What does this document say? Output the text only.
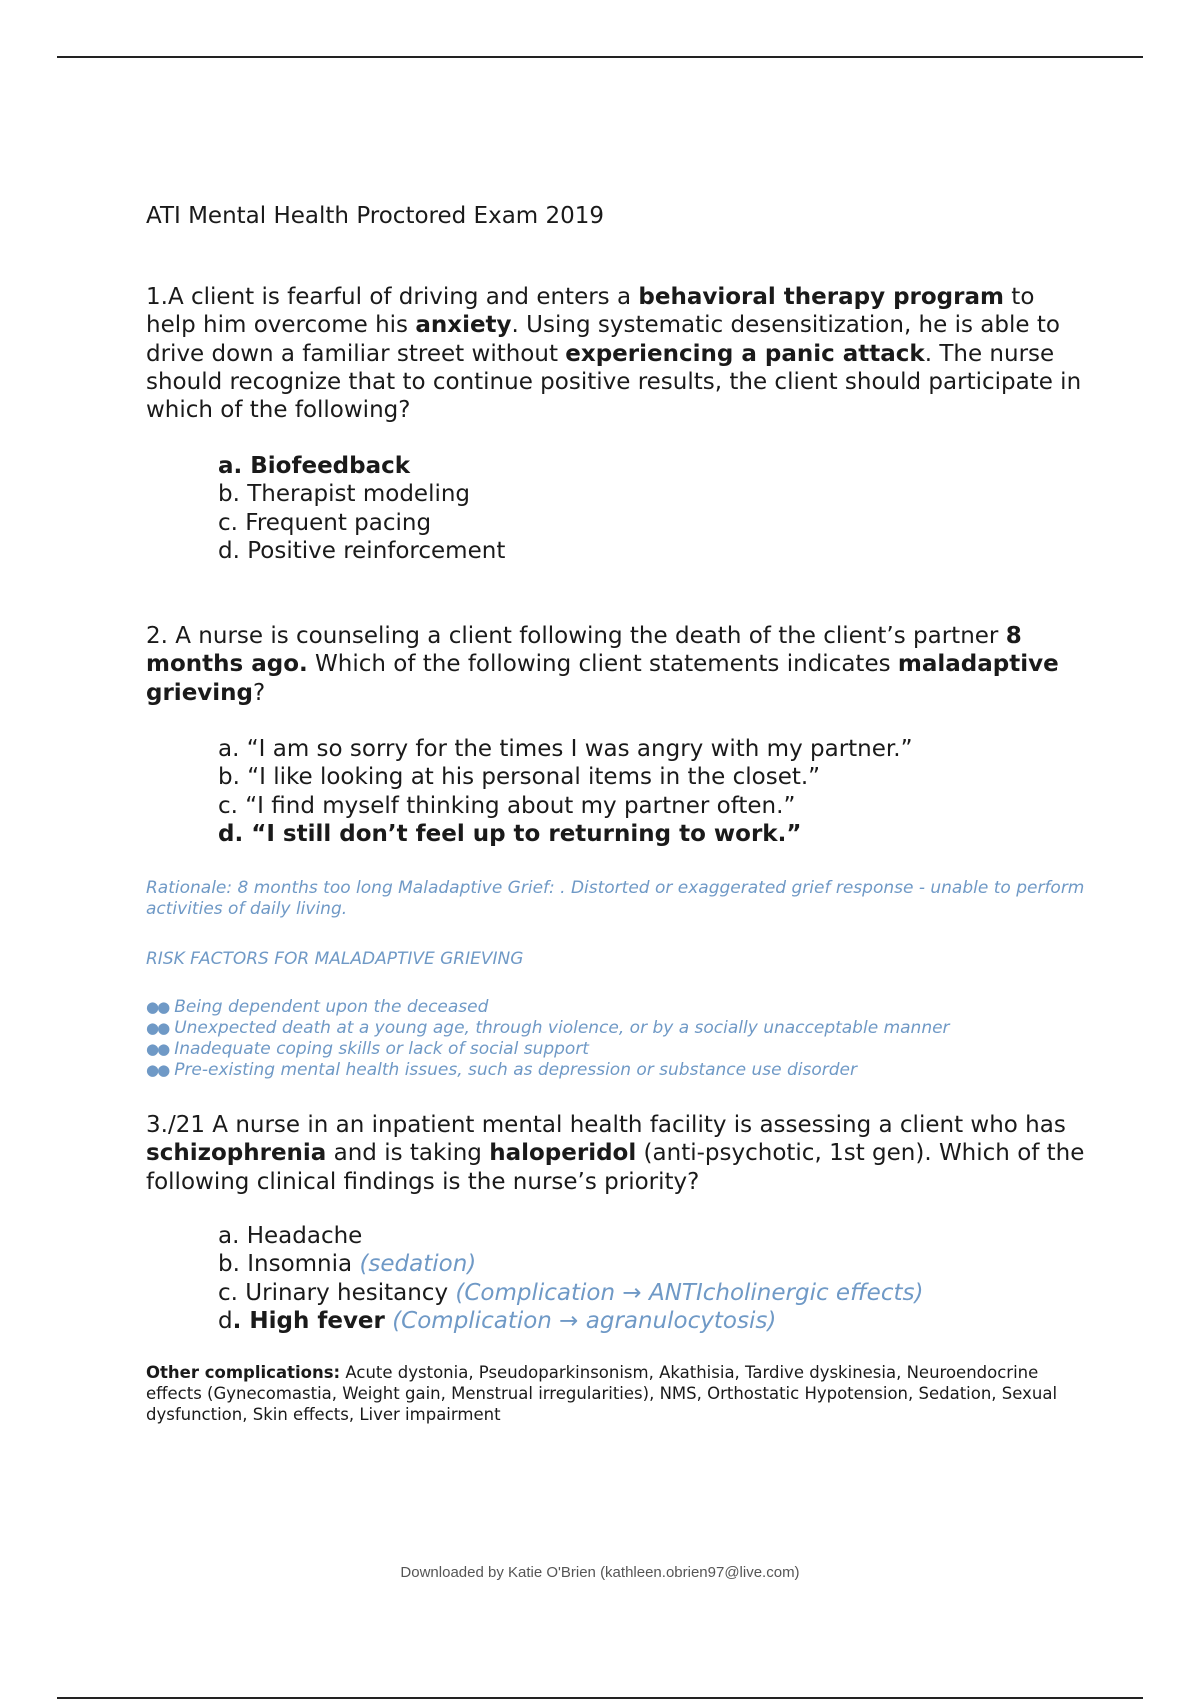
ATI Mental Health Proctored Exam 2019
1.A client is fearful of driving and enters a behavioral therapy program to help him overcome his anxiety. Using systematic desensitization, he is able to drive down a familiar street without experiencing a panic attack. The nurse should recognize that to continue positive results, the client should participate in which of the following?
a. Biofeedback
b. Therapist modeling
c. Frequent pacing
d. Positive reinforcement
2. A nurse is counseling a client following the death of the client’s partner 8 months ago. Which of the following client statements indicates maladaptive grieving?
a. “I am so sorry for the times I was angry with my partner.”
b. “I like looking at his personal items in the closet.”
c. “I find myself thinking about my partner often.”
d. “I still don’t feel up to returning to work.”
Rationale: 8 months too long Maladaptive Grief: . Distorted or exaggerated grief response - unable to perform activities of daily living.
RISK FACTORS FOR MALADAPTIVE GRIEVING
●● Being dependent upon the deceased
●● Unexpected death at a young age, through violence, or by a socially unacceptable manner
●● Inadequate coping skills or lack of social support
●● Pre-existing mental health issues, such as depression or substance use disorder
3./21 A nurse in an inpatient mental health facility is assessing a client who has schizophrenia and is taking haloperidol (anti-psychotic, 1st gen). Which of the following clinical findings is the nurse’s priority?
a. Headache
b. Insomnia (sedation)
c. Urinary hesitancy (Complication → ANTIcholinergic effects)
d. High fever (Complication → agranulocytosis)
Other complications: Acute dystonia, Pseudoparkinsonism, Akathisia, Tardive dyskinesia, Neuroendocrine effects (Gynecomastia, Weight gain, Menstrual irregularities), NMS, Orthostatic Hypotension, Sedation, Sexual dysfunction, Skin effects, Liver impairment
Downloaded by Katie O'Brien (kathleen.obrien97@live.com)
